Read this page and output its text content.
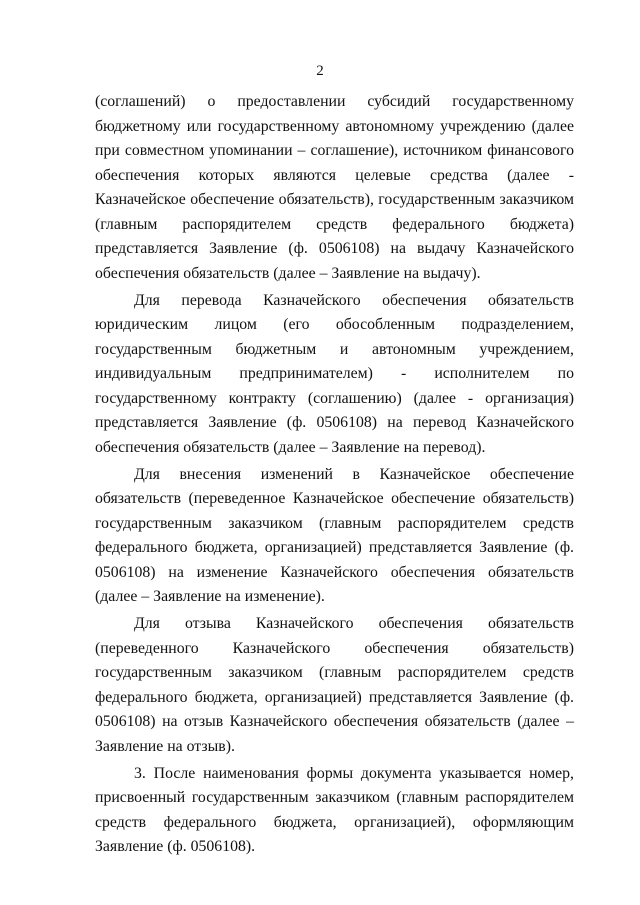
2

(соглашений) о предоставлении субсидий государственному бюджетному или государственному автономному учреждению (далее при совместном упоминании – соглашение), источником финансового обеспечения которых являются целевые средства (далее - Казначейское обеспечение обязательств), государственным заказчиком (главным распорядителем средств федерального бюджета) представляется Заявление (ф. 0506108) на выдачу Казначейского обеспечения обязательств (далее – Заявление на выдачу).

Для перевода Казначейского обеспечения обязательств юридическим лицом (его обособленным подразделением, государственным бюджетным и автономным учреждением, индивидуальным предпринимателем) - исполнителем по государственному контракту (соглашению) (далее - организация) представляется Заявление (ф. 0506108) на перевод Казначейского обеспечения обязательств (далее – Заявление на перевод).

Для внесения изменений в Казначейское обеспечение обязательств (переведенное Казначейское обеспечение обязательств) государственным заказчиком (главным распорядителем средств федерального бюджета, организацией) представляется Заявление (ф. 0506108) на изменение Казначейского обеспечения обязательств (далее – Заявление на изменение).

Для отзыва Казначейского обеспечения обязательств (переведенного Казначейского обеспечения обязательств) государственным заказчиком (главным распорядителем средств федерального бюджета, организацией) представляется Заявление (ф. 0506108) на отзыв Казначейского обеспечения обязательств (далее – Заявление на отзыв).

3. После наименования формы документа указывается номер, присвоенный государственным заказчиком (главным распорядителем средств федерального бюджета, организацией), оформляющим Заявление (ф. 0506108).
